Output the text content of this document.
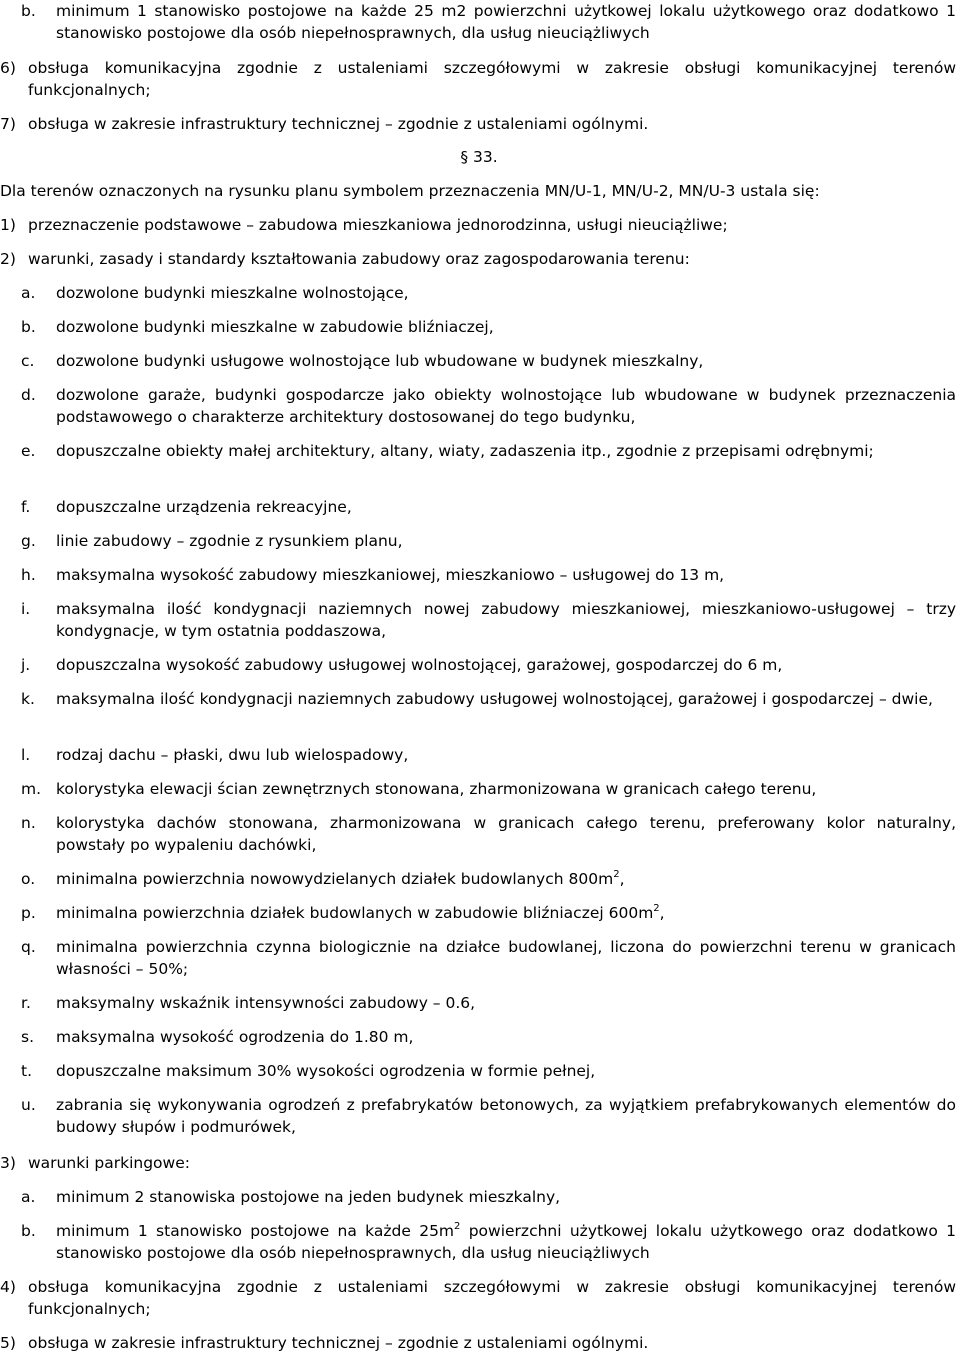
b. minimum 1 stanowisko postojowe na każde 25 m2 powierzchni użytkowej lokalu użytkowego oraz dodatkowo 1 stanowisko postojowe dla osób niepełnosprawnych, dla usług nieuciążliwych
6) obsługa komunikacyjna zgodnie z ustaleniami szczegółowymi w zakresie obsługi komunikacyjnej terenów funkcjonalnych;
7) obsługa w zakresie infrastruktury technicznej – zgodnie z ustaleniami ogólnymi.
§ 33.
Dla terenów oznaczonych na rysunku planu symbolem przeznaczenia MN/U-1, MN/U-2, MN/U-3 ustala się:
1) przeznaczenie podstawowe – zabudowa mieszkaniowa jednorodzinna, usługi nieuciążliwe;
2) warunki, zasady i standardy kształtowania zabudowy oraz zagospodarowania terenu:
a. dozwolone budynki mieszkalne wolnostojące,
b. dozwolone budynki mieszkalne w zabudowie bliźniaczej,
c. dozwolone budynki usługowe wolnostojące lub wbudowane w budynek mieszkalny,
d. dozwolone garaże, budynki gospodarcze jako obiekty wolnostojące lub wbudowane w budynek przeznaczenia podstawowego o charakterze architektury dostosowanej do tego budynku,
e. dopuszczalne obiekty małej architektury, altany, wiaty, zadaszenia itp., zgodnie z przepisami odrębnymi;
f. dopuszczalne urządzenia rekreacyjne,
g. linie zabudowy – zgodnie z rysunkiem planu,
h. maksymalna wysokość zabudowy mieszkaniowej, mieszkaniowo – usługowej do 13 m,
i. maksymalna ilość kondygnacji naziemnych nowej zabudowy mieszkaniowej, mieszkaniowo-usługowej – trzy kondygnacje, w tym ostatnia poddaszowa,
j. dopuszczalna wysokość zabudowy usługowej wolnostojącej, garażowej, gospodarczej do 6 m,
k. maksymalna ilość kondygnacji naziemnych zabudowy usługowej wolnostojącej, garażowej i gospodarczej – dwie,
l. rodzaj dachu – płaski, dwu lub wielospadowy,
m. kolorystyka elewacji ścian zewnętrznych stonowana, zharmonizowana w granicach całego terenu,
n. kolorystyka dachów stonowana, zharmonizowana w granicach całego terenu, preferowany kolor naturalny, powstały po wypaleniu dachówki,
o. minimalna powierzchnia nowowydzielanych działek budowlanych $800m^2$,
p. minimalna powierzchnia działek budowlanych w zabudowie bliźniaczej $600m^2$,
q. minimalna powierzchnia czynna biologicznie na działce budowlanej, liczona do powierzchni terenu w granicach własności – 50%;
r. maksymalny wskaźnik intensywności zabudowy – 0.6,
s. maksymalna wysokość ogrodzenia do 1.80 m,
t. dopuszczalne maksimum 30% wysokości ogrodzenia w formie pełnej,
u. zabrania się wykonywania ogrodzeń z prefabrykatów betonowych, za wyjątkiem prefabrykowanych elementów do budowy słupów i podmurówek,
3) warunki parkingowe:
a. minimum 2 stanowiska postojowe na jeden budynek mieszkalny,
b. minimum 1 stanowisko postojowe na każde $25m^2$ powierzchni użytkowej lokalu użytkowego oraz dodatkowo 1 stanowisko postojowe dla osób niepełnosprawnych, dla usług nieuciążliwych
4) obsługa komunikacyjna zgodnie z ustaleniami szczegółowymi w zakresie obsługi komunikacyjnej terenów funkcjonalnych;
5) obsługa w zakresie infrastruktury technicznej – zgodnie z ustaleniami ogólnymi.
